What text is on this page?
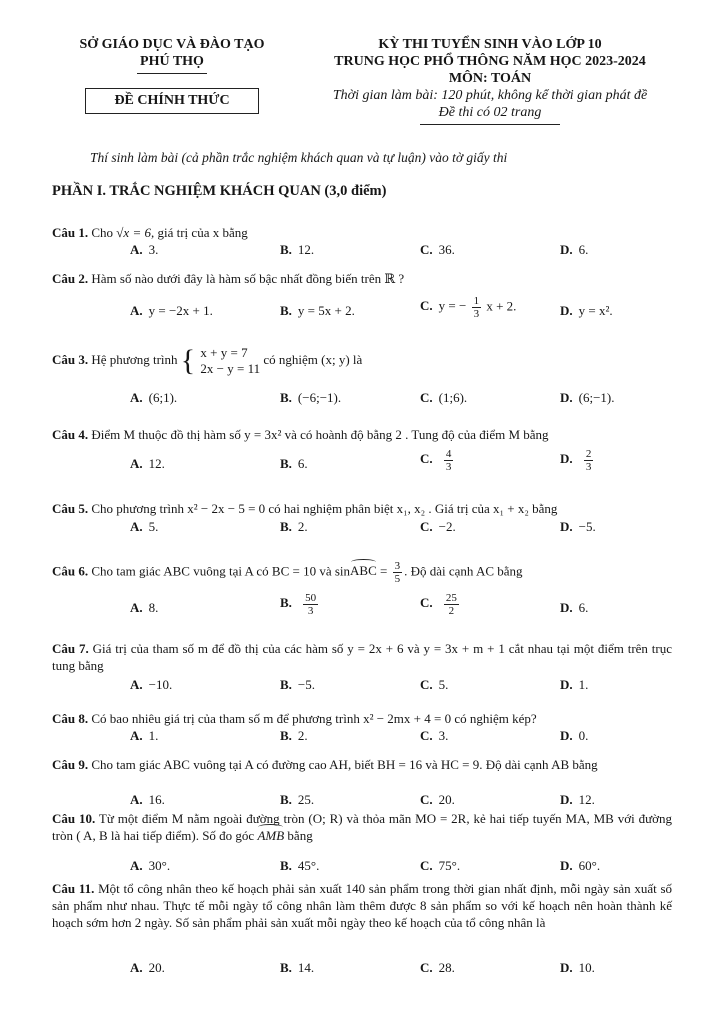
SỞ GIÁO DỤC VÀ ĐÀO TẠO
PHÚ THỌ
ĐỀ CHÍNH THỨC
KỲ THI TUYỂN SINH VÀO LỚP 10
TRUNG HỌC PHỔ THÔNG NĂM HỌC 2023-2024
MÔN: TOÁN
Thời gian làm bài: 120 phút, không kể thời gian phát đề
Đề thi có 02 trang
Thí sinh làm bài (cả phần trắc nghiệm khách quan và tự luận) vào tờ giấy thi
PHẦN I. TRẮC NGHIỆM KHÁCH QUAN (3,0 điểm)
Câu 1. Cho √x = 6, giá trị của x bằng
A. 3.	B. 12.	C. 36.	D. 6.
Câu 2. Hàm số nào dưới đây là hàm số bậc nhất đồng biến trên ℝ ?
A. y = −2x + 1.	B. y = 5x + 2.	C. y = − $\frac{1}{3}$ x + 2.	D. y = x².
Câu 3. Hệ phương trình { x + y = 7
2x − y = 11 có nghiệm (x; y) là
A. (6;1).	B. (−6;−1).	C. (1;6).	D. (6;−1).
Câu 4. Điểm M thuộc đồ thị hàm số y = 3x² và có hoành độ bằng 2 . Tung độ của điểm M bằng
A. 12.	B. 6.	C. $\frac{4}{3}$	D. $\frac{2}{3}$
Câu 5. Cho phương trình x² − 2x − 5 = 0 có hai nghiệm phân biệt x₁, x₂ . Giá trị của x₁ + x₂ bằng
A. 5.	B. 2.	C. −2.	D. −5.
Câu 6. Cho tam giác ABC vuông tại A có BC = 10 và sinABC = $\frac{3}{5}$ . Độ dài cạnh AC bằng
A. 8.	B. $\frac{50}{3}$	C. $\frac{25}{2}$	D. 6.
Câu 7. Giá trị của tham số m để đồ thị của các hàm số y = 2x + 6 và y = 3x + m + 1 cắt nhau tại một điểm trên trục tung bằng
A. −10.	B. −5.	C. 5.	D. 1.
Câu 8. Có bao nhiêu giá trị của tham số m để phương trình x² − 2mx + 4 = 0 có nghiệm kép?
A. 1.	B. 2.	C. 3.	D. 0.
Câu 9. Cho tam giác ABC vuông tại A có đường cao AH, biết BH = 16 và HC = 9. Độ dài cạnh AB bằng
A. 16.	B. 25.	C. 20.	D. 12.
Câu 10. Từ một điểm M nằm ngoài đường tròn (O; R) và thỏa mãn MO = 2R, kẻ hai tiếp tuyến MA, MB với đường tròn ( A, B là hai tiếp điểm). Số đo góc AMB bằng
A. 30°.	B. 45°.	C. 75°.	D. 60°.
Câu 11. Một tổ công nhân theo kế hoạch phải sản xuất 140 sản phẩm trong thời gian nhất định, mỗi ngày sản xuất số sản phẩm như nhau. Thực tế mỗi ngày tổ công nhân làm thêm được 8 sản phẩm so với kế hoạch nên hoàn thành kế hoạch sớm hơn 2 ngày. Số sản phẩm phải sản xuất mỗi ngày theo kế hoạch của tổ công nhân là
A. 20.	B. 14.	C. 28.	D. 10.
